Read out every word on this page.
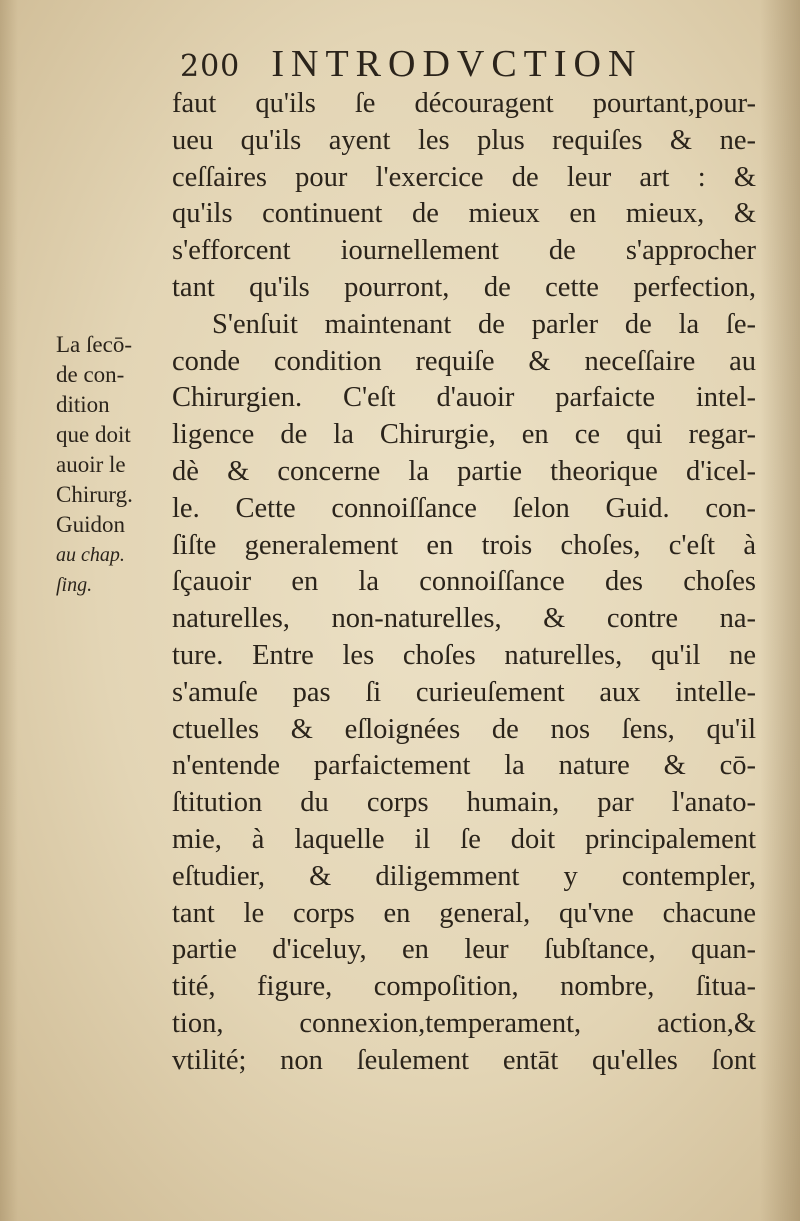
200 INTRODVCTION
faut qu'ils ſe découragent pourtant,pour-
ueu qu'ils ayent les plus requiſes & ne-
ceſſaires pour l'exercice de leur art : &
qu'ils continuent de mieux en mieux, &
s'efforcent iournellement de s'approcher
tant qu'ils pourront, de cette perfection,
S'enſuit maintenant de parler de la ſe-
conde condition requiſe & neceſſaire au
Chirurgien. C'eſt d'auoir parfaicte intel-
ligence de la Chirurgie, en ce qui regar-
dè & concerne la partie theorique d'icel-
le. Cette connoiſſance ſelon Guid. con-
ſiſte generalement en trois choſes, c'eſt à
ſçauoir en la connoiſſance des choſes
naturelles, non-naturelles, & contre na-
ture. Entre les choſes naturelles, qu'il ne
s'amuſe pas ſi curieuſement aux intelle-
ctuelles & eſloignées de nos ſens, qu'il
n'entende parfaictement la nature & cō-
ſtitution du corps humain, par l'anato-
mie, à laquelle il ſe doit principalement
eſtudier, & diligemment y contempler,
tant le corps en general, qu'vne chacune
partie d'iceluy, en leur ſubſtance, quan-
tité, figure, compoſition, nombre, ſitua-
tion, connexion,temperament, action,&
vtilité; non ſeulement entāt qu'elles ſont
La ſecō-
de con-
dition
que doit
auoir le
Chirurg.
Guidon
au chap.
ſing.
